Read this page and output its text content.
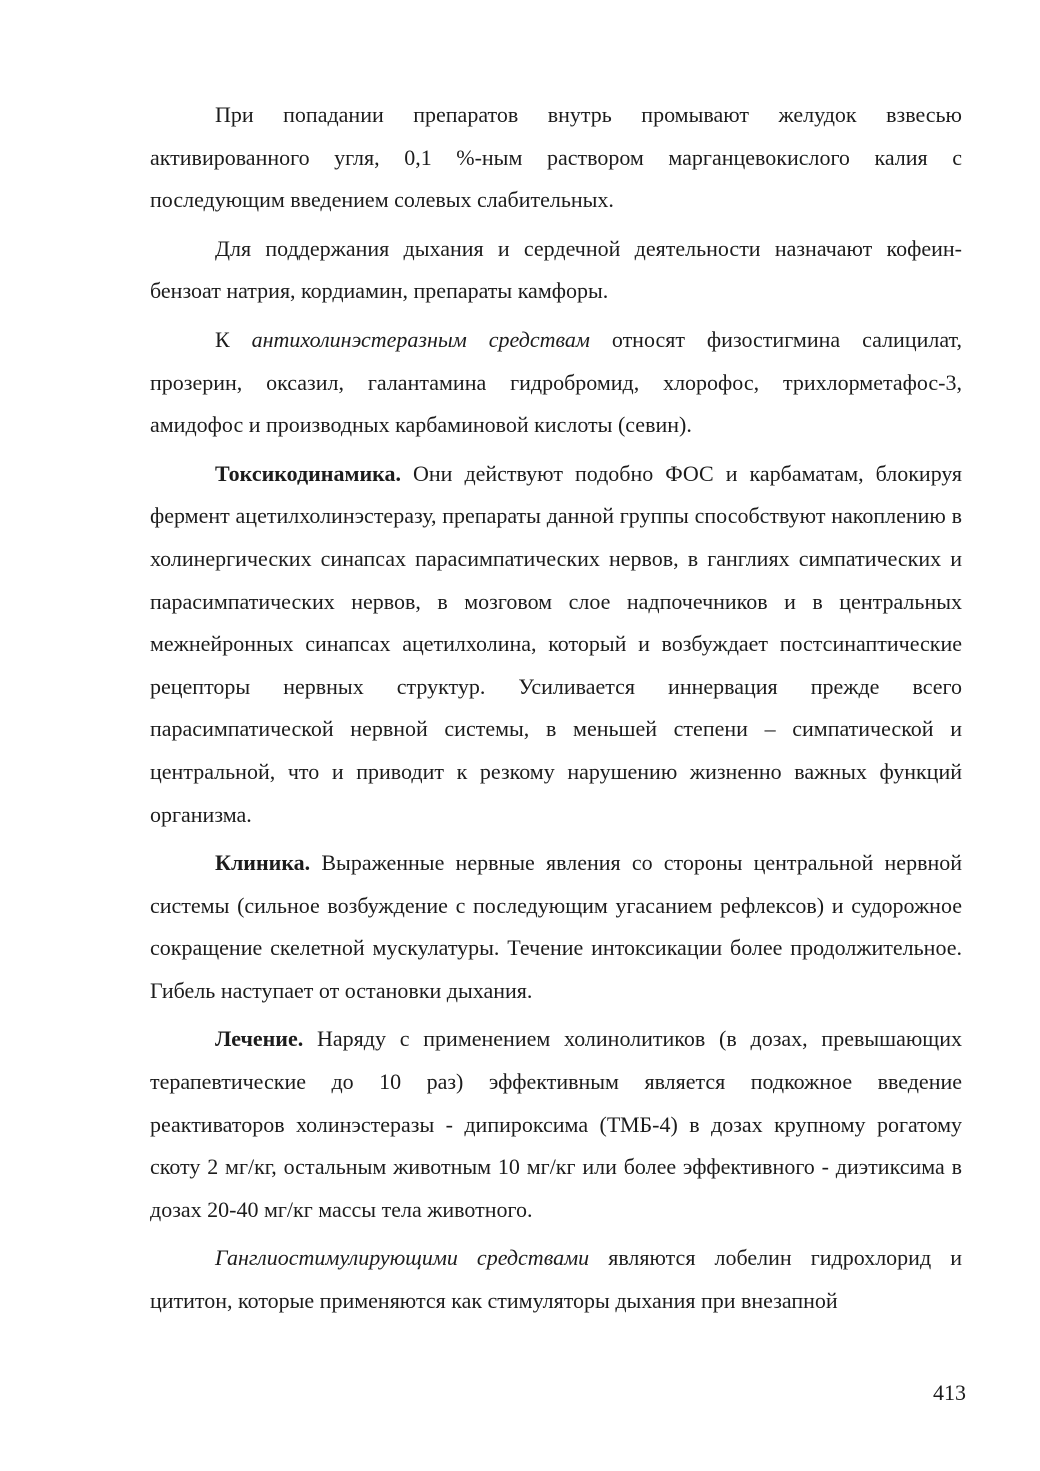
При попадании препаратов внутрь промывают желудок взвесью активированного угля, 0,1 %-ным раствором марганцевокислого калия с последующим введением солевых слабительных.

Для поддержания дыхания и сердечной деятельности назначают кофеин-бензоат натрия, кордиамин, препараты камфоры.

К антихолинэстеразным средствам относят физостигмина салицилат, прозерин, оксазил, галантамина гидробромид, хлорофос, трихлорметафос-3, амидофос и производных карбаминовой кислоты (севин).

Токсикодинамика. Они действуют подобно ФОС и карбаматам, блокируя фермент ацетилхолинэстеразу, препараты данной группы способствуют накоплению в холинергических синапсах парасимпатических нервов, в ганглиях симпатических и парасимпатических нервов, в мозговом слое надпочечников и в центральных межнейронных синапсах ацетилхолина, который и возбуждает постсинаптические рецепторы нервных структур. Усиливается иннервация прежде всего парасимпатической нервной системы, в меньшей степени – симпатической и центральной, что и приводит к резкому нарушению жизненно важных функций организма.

Клиника. Выраженные нервные явления со стороны центральной нервной системы (сильное возбуждение с последующим угасанием рефлексов) и судорожное сокращение скелетной мускулатуры. Течение интоксикации более продолжительное. Гибель наступает от остановки дыхания.

Лечение. Наряду с применением холинолитиков (в дозах, превышающих терапевтические до 10 раз) эффективным является подкожное введение реактиваторов холинэстеразы - дипироксима (ТМБ-4) в дозах крупному рогатому скоту 2 мг/кг, остальным животным 10 мг/кг или более эффективного - диэтиксима в дозах 20-40 мг/кг массы тела животного.

Ганглиостимулирующими средствами являются лобелин гидрохлорид и цититон, которые применяются как стимуляторы дыхания при внезапной

413
